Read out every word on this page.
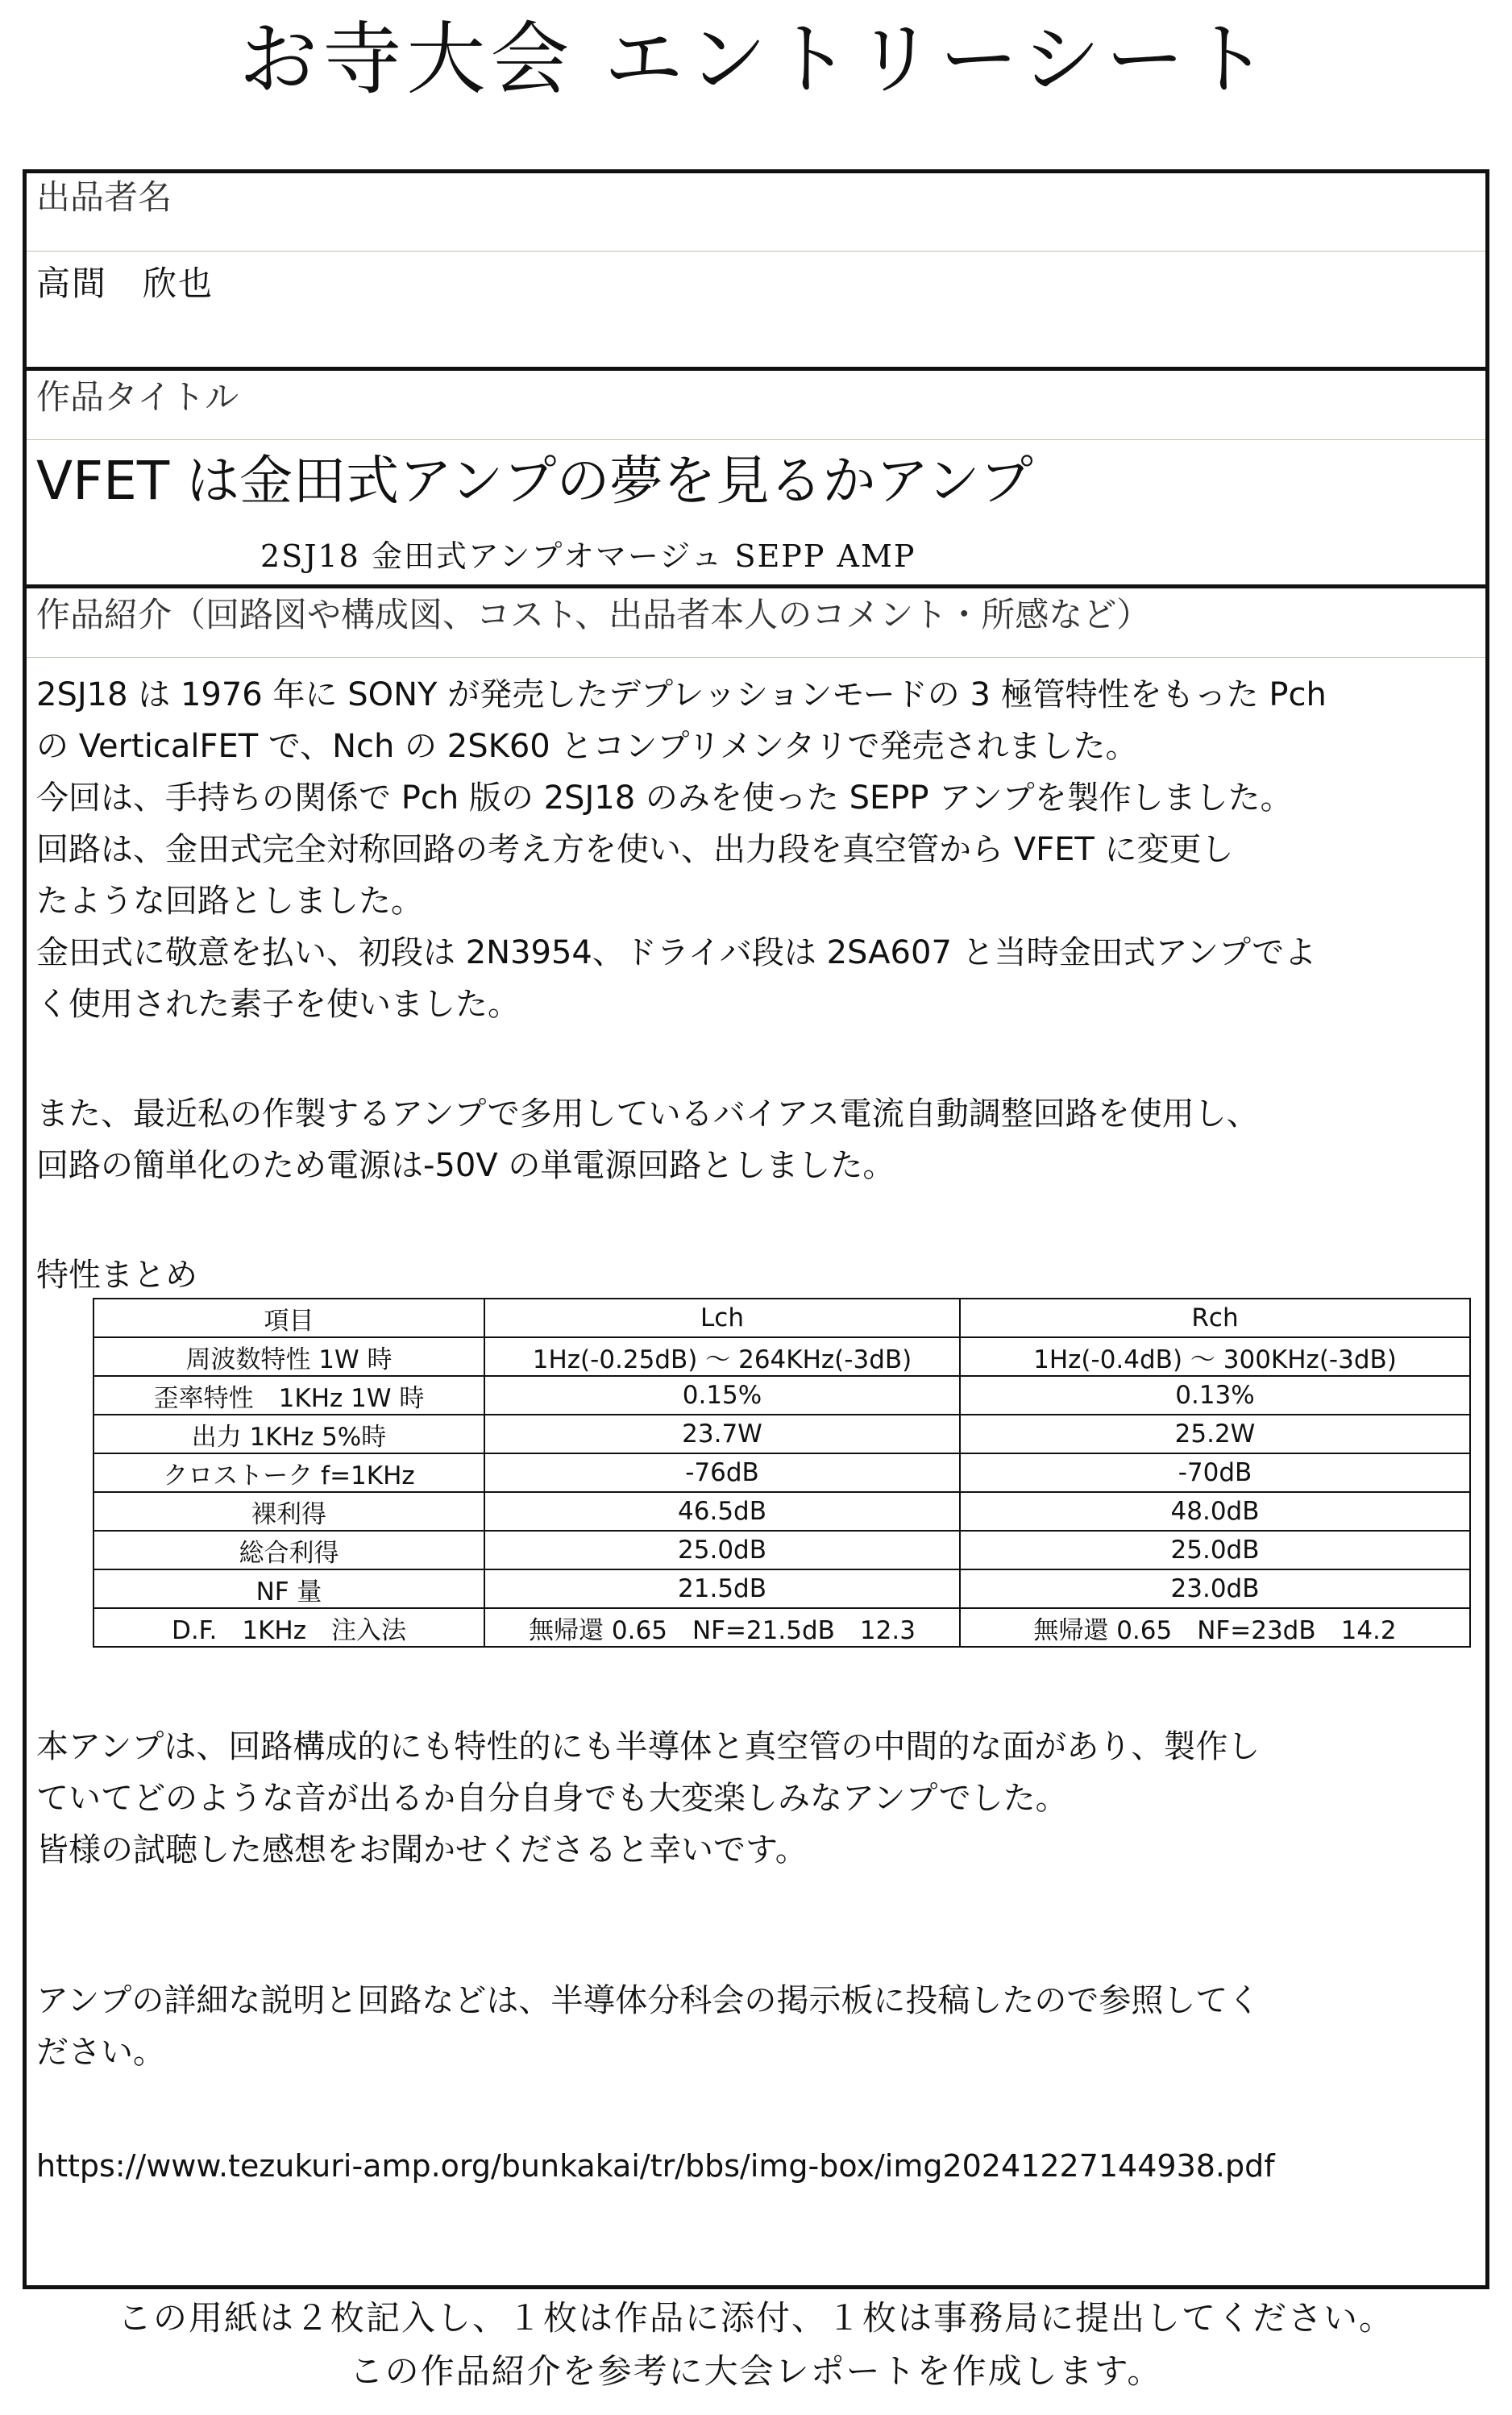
お寺大会 エントリーシート
出品者名
高間　欣也
作品タイトル
VFET は金田式アンプの夢を見るかアンプ
2SJ18 金田式アンプオマージュ SEPP AMP
作品紹介（回路図や構成図、コスト、出品者本人のコメント・所感など）
2SJ18 は 1976 年に SONY が発売したデプレッションモードの 3 極管特性をもった Pch
の VerticalFET で、Nch の 2SK60 とコンプリメンタリで発売されました。
今回は、手持ちの関係で Pch 版の 2SJ18 のみを使った SEPP アンプを製作しました。
回路は、金田式完全対称回路の考え方を使い、出力段を真空管から VFET に変更し
たような回路としました。
金田式に敬意を払い、初段は 2N3954、ドライバ段は 2SA607 と当時金田式アンプでよ
く使用された素子を使いました。
また、最近私の作製するアンプで多用しているバイアス電流自動調整回路を使用し、
回路の簡単化のため電源は-50V の単電源回路としました。
特性まとめ
項目	Lch	Rch
周波数特性 1W 時	1Hz(-0.25dB) ～ 264KHz(-3dB)	1Hz(-0.4dB) ～ 300KHz(-3dB)
歪率特性　1KHz 1W 時	0.15%	0.13%
出力 1KHz 5%時	23.7W	25.2W
クロストーク f=1KHz	-76dB	-70dB
裸利得	46.5dB	48.0dB
総合利得	25.0dB	25.0dB
NF 量	21.5dB	23.0dB
D.F.　1KHz　注入法	無帰還 0.65　NF=21.5dB　12.3	無帰還 0.65　NF=23dB　14.2
本アンプは、回路構成的にも特性的にも半導体と真空管の中間的な面があり、製作し
ていてどのような音が出るか自分自身でも大変楽しみなアンプでした。
皆様の試聴した感想をお聞かせくださると幸いです。
アンプの詳細な説明と回路などは、半導体分科会の掲示板に投稿したので参照してく
ださい。
https://www.tezukuri-amp.org/bunkakai/tr/bbs/img-box/img20241227144938.pdf
この用紙は２枚記入し、１枚は作品に添付、１枚は事務局に提出してください。
この作品紹介を参考に大会レポートを作成します。
